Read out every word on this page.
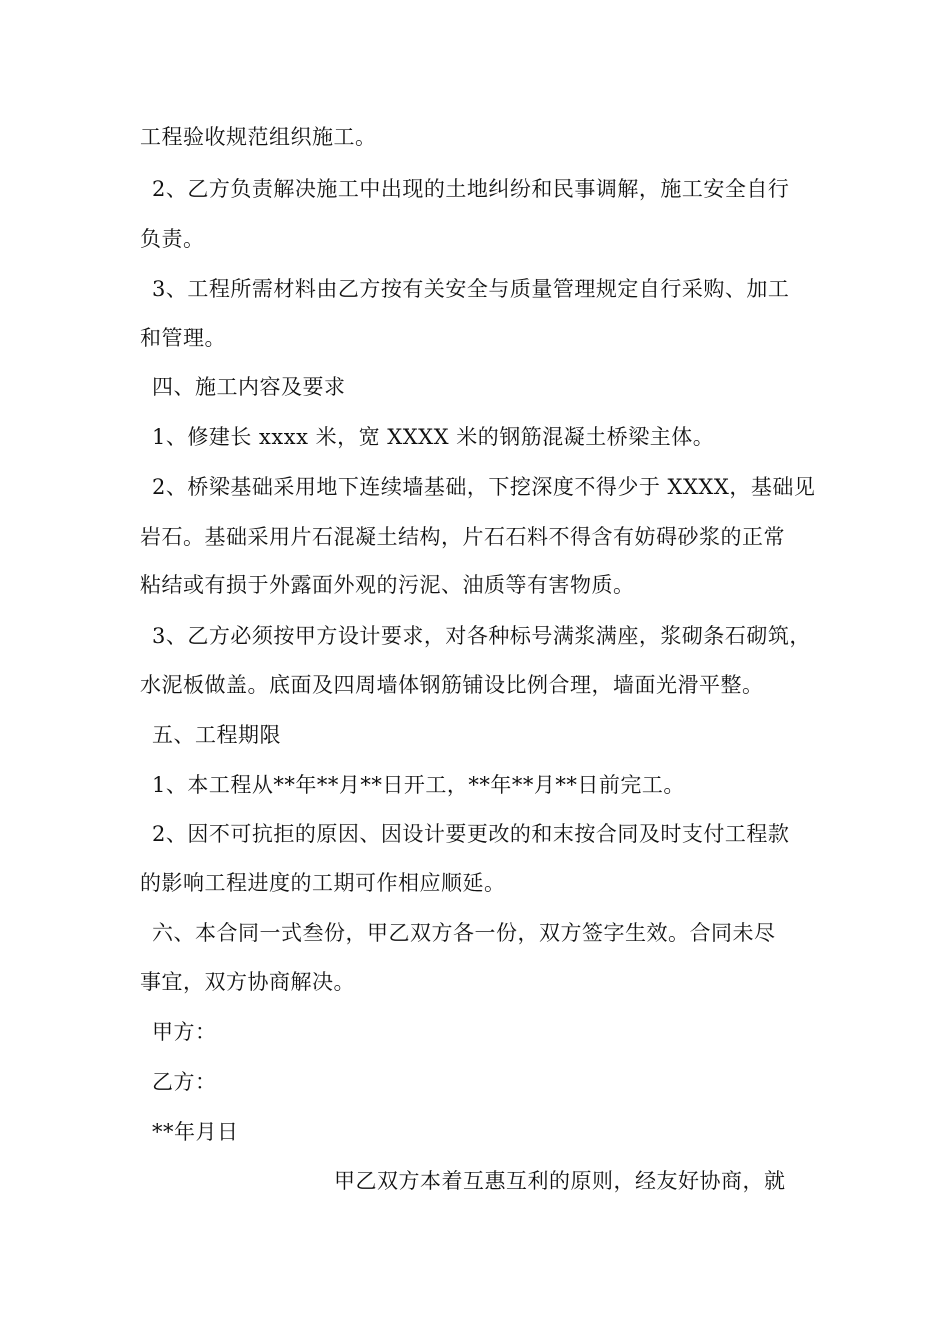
工程验收规范组织施工。
2、乙方负责解决施工中出现的土地纠纷和民事调解，施工安全自行
负责。
3、工程所需材料由乙方按有关安全与质量管理规定自行采购、加工
和管理。
四、施工内容及要求
1、修建长 xxxx 米，宽 XXXX 米的钢筋混凝土桥梁主体。
2、桥梁基础采用地下连续墙基础，下挖深度不得少于 XXXX，基础见
岩石。基础采用片石混凝土结构，片石石料不得含有妨碍砂浆的正常
粘结或有损于外露面外观的污泥、油质等有害物质。
3、乙方必须按甲方设计要求，对各种标号满浆满座，浆砌条石砌筑，
水泥板做盖。底面及四周墙体钢筋铺设比例合理，墙面光滑平整。
五、工程期限
1、本工程从**年**月**日开工，**年**月**日前完工。
2、因不可抗拒的原因、因设计要更改的和末按合同及时支付工程款
的影响工程进度的工期可作相应顺延。
六、本合同一式叁份，甲乙双方各一份，双方签字生效。合同未尽
事宜，双方协商解决。
甲方：
乙方：
**年月日
甲乙双方本着互惠互利的原则，经友好协商，就
